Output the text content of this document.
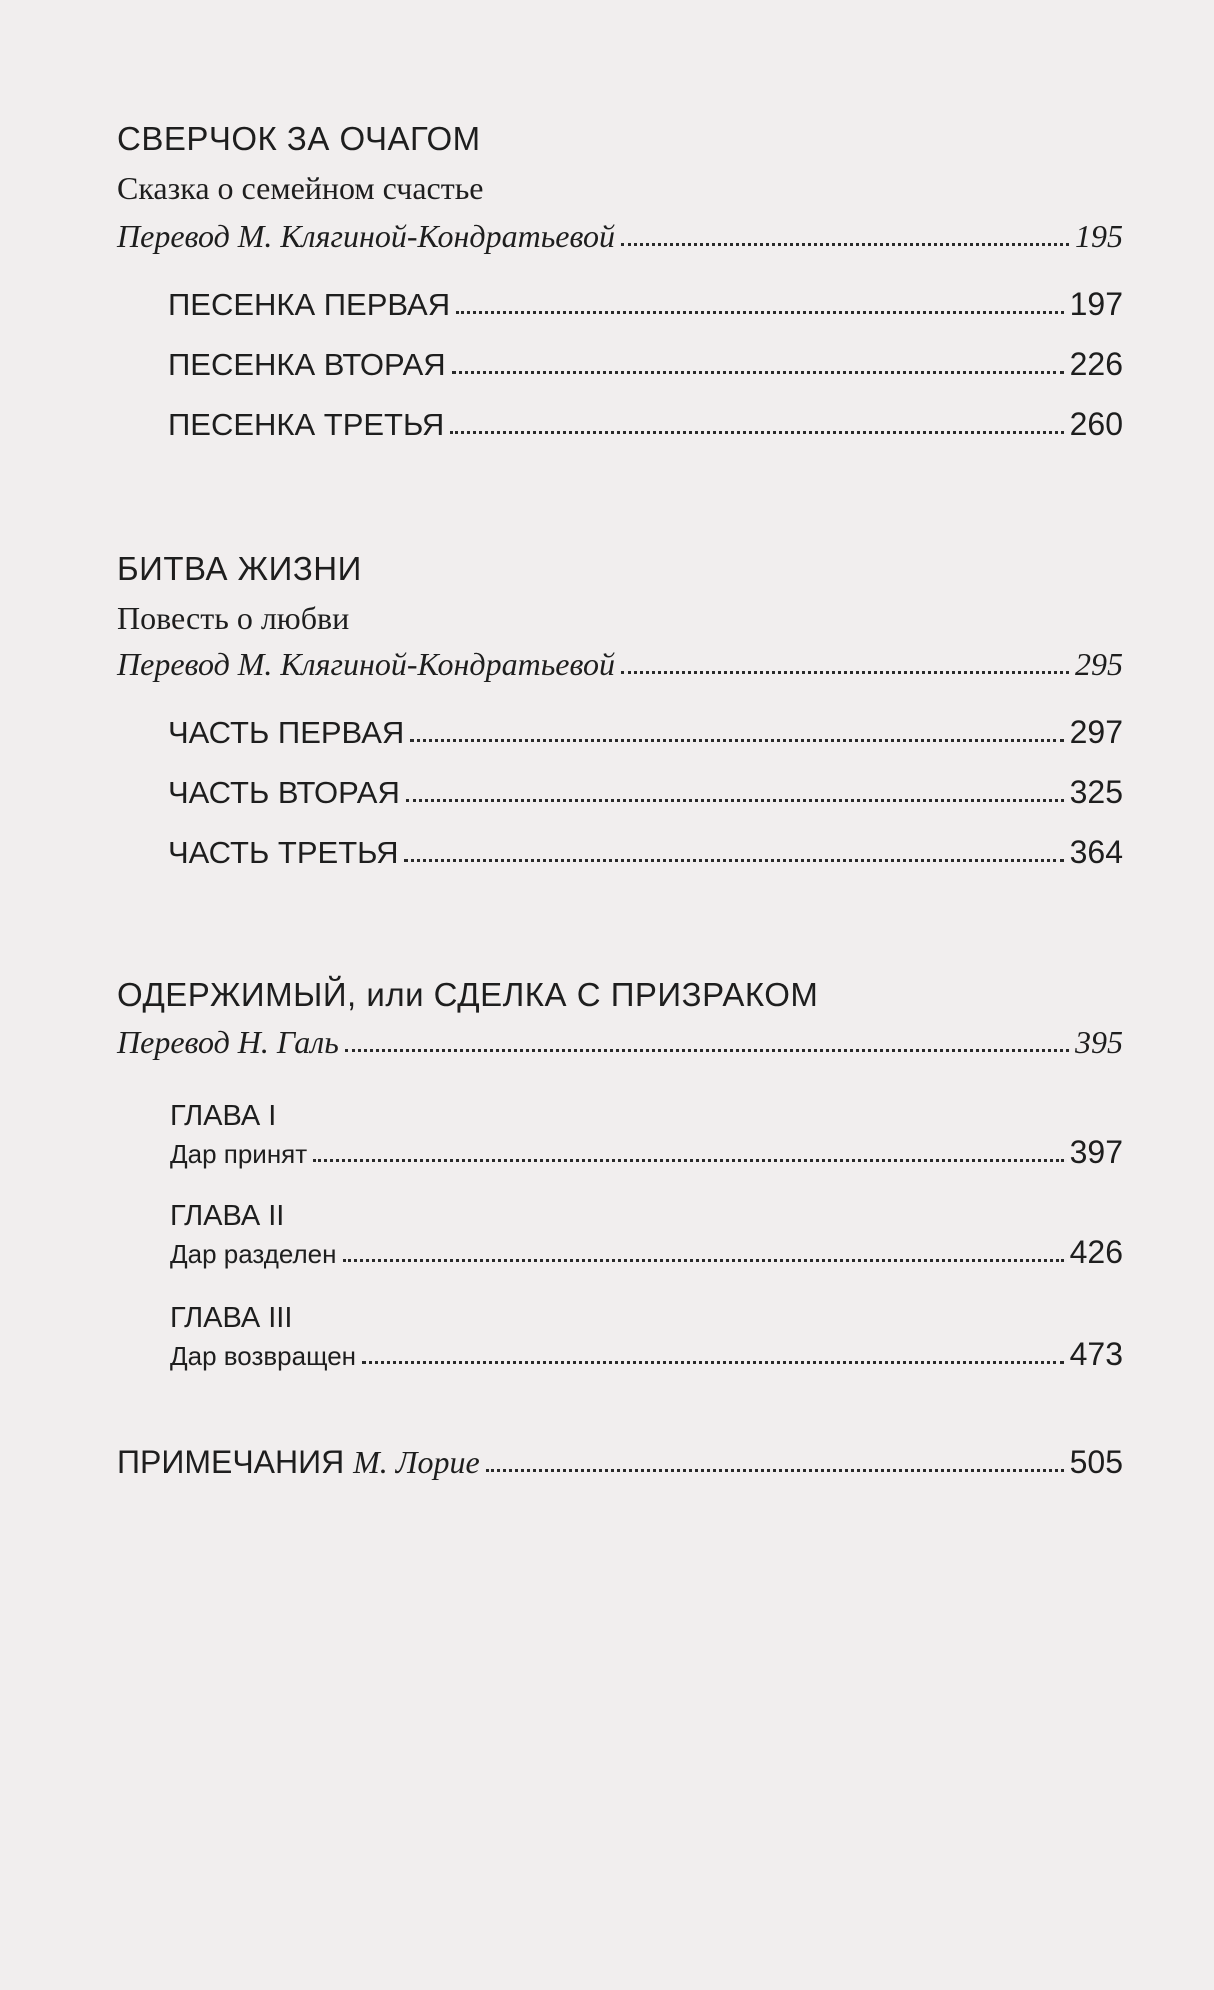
СВЕРЧОК ЗА ОЧАГОМ
Сказка о семейном счастье
Перевод М. Клягиной-Кондратьевой	195
ПЕСЕНКА ПЕРВАЯ	197
ПЕСЕНКА ВТОРАЯ	226
ПЕСЕНКА ТРЕТЬЯ	260
БИТВА ЖИЗНИ
Повесть о любви
Перевод М. Клягиной-Кондратьевой	295
ЧАСТЬ ПЕРВАЯ	297
ЧАСТЬ ВТОРАЯ	325
ЧАСТЬ ТРЕТЬЯ	364
ОДЕРЖИМЫЙ, или СДЕЛКА С ПРИЗРАКОМ
Перевод Н. Галь	395
ГЛАВА I
Дар принят	397
ГЛАВА II
Дар разделен	426
ГЛАВА III
Дар возвращен	473
ПРИМЕЧАНИЯ М. Лорие	505
